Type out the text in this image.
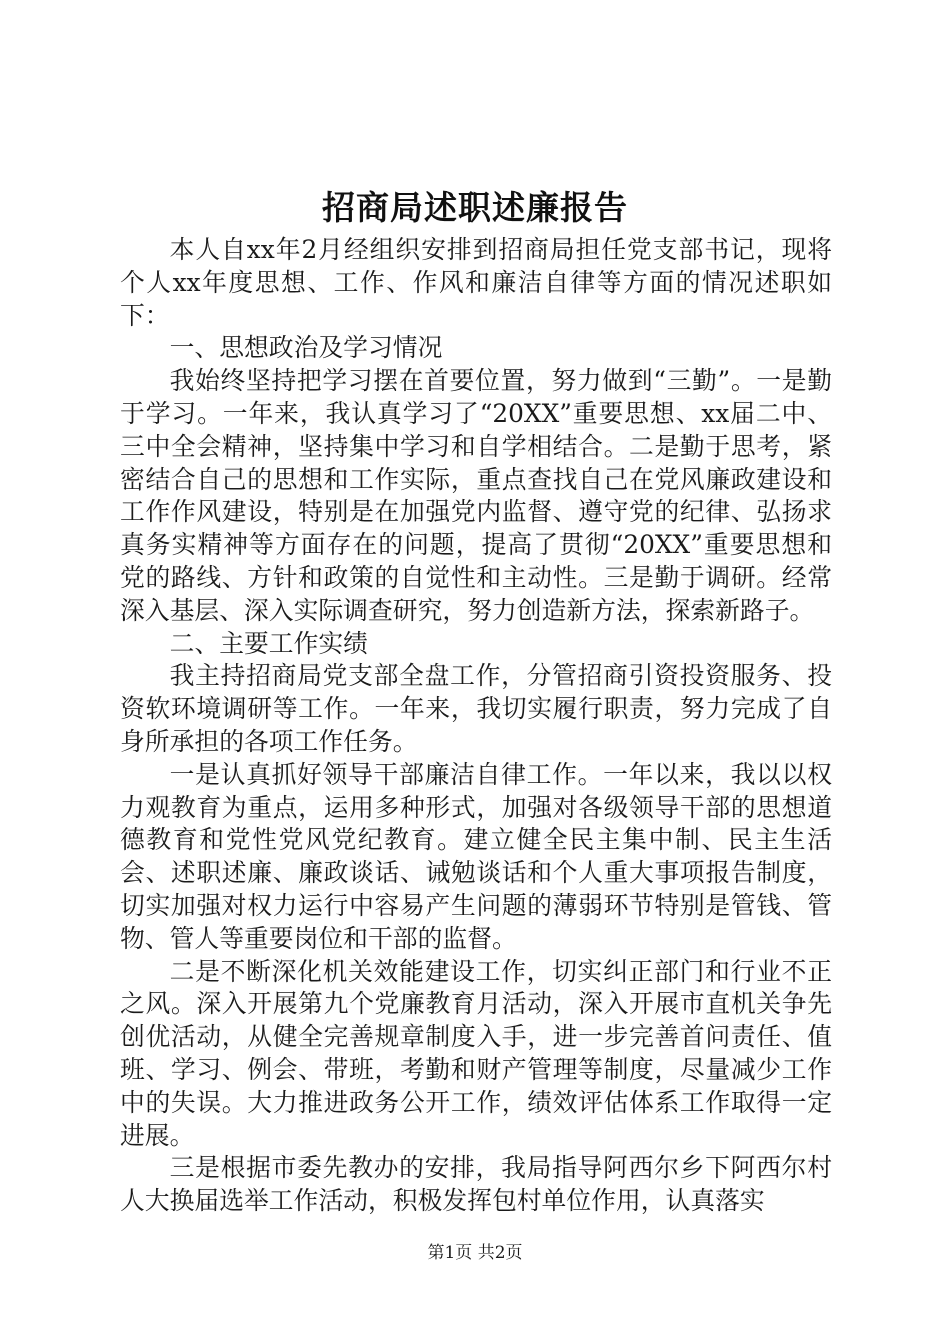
招商局述职述廉报告

本人自xx年2月经组织安排到招商局担任党支部书记，现将个人xx年度思想、工作、作风和廉洁自律等方面的情况述职如下：

一、思想政治及学习情况

我始终坚持把学习摆在首要位置，努力做到“三勤”。一是勤于学习。一年来，我认真学习了“20XX”重要思想、xx届二中、三中全会精神，坚持集中学习和自学相结合。二是勤于思考，紧密结合自己的思想和工作实际，重点查找自己在党风廉政建设和工作作风建设，特别是在加强党内监督、遵守党的纪律、弘扬求真务实精神等方面存在的问题，提高了贯彻“20XX”重要思想和党的路线、方针和政策的自觉性和主动性。三是勤于调研。经常深入基层、深入实际调查研究，努力创造新方法，探索新路子。

二、主要工作实绩

我主持招商局党支部全盘工作，分管招商引资投资服务、投资软环境调研等工作。一年来，我切实履行职责，努力完成了自身所承担的各项工作任务。

一是认真抓好领导干部廉洁自律工作。一年以来，我以以权力观教育为重点，运用多种形式，加强对各级领导干部的思想道德教育和党性党风党纪教育。建立健全民主集中制、民主生活会、述职述廉、廉政谈话、诫勉谈话和个人重大事项报告制度，切实加强对权力运行中容易产生问题的薄弱环节特别是管钱、管物、管人等重要岗位和干部的监督。

二是不断深化机关效能建设工作，切实纠正部门和行业不正之风。深入开展第九个党廉教育月活动，深入开展市直机关争先创优活动，从健全完善规章制度入手，进一步完善首问责任、值班、学习、例会、带班，考勤和财产管理等制度，尽量减少工作中的失误。大力推进政务公开工作，绩效评估体系工作取得一定进展。

三是根据市委先教办的安排，我局指导阿西尔乡下阿西尔村人大换届选举工作活动，积极发挥包村单位作用，认真落实

第1页 共2页
